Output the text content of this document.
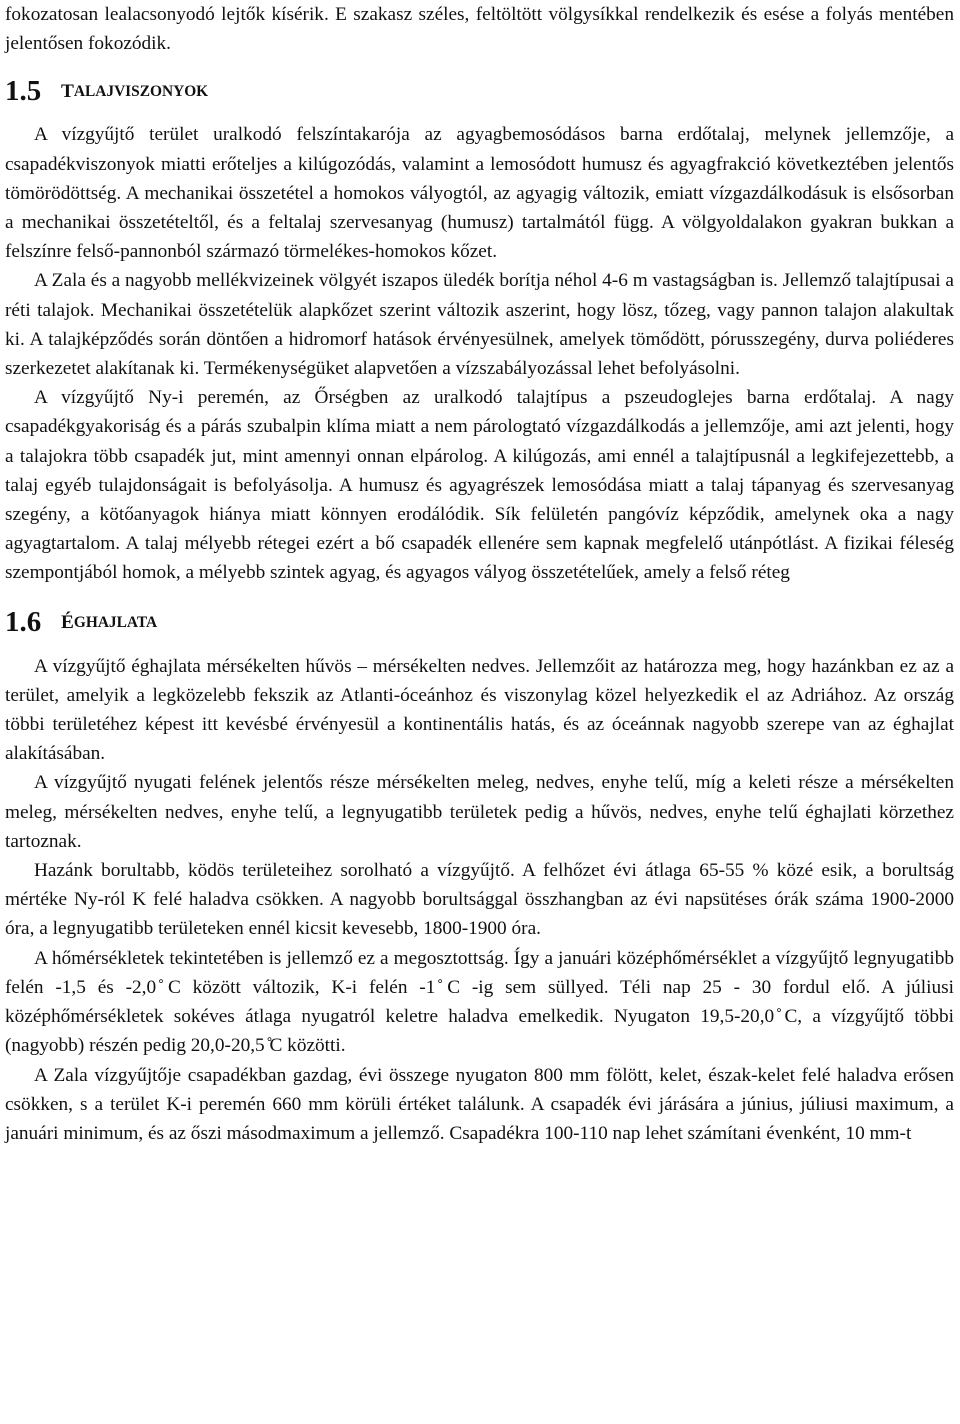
fokozatosan lealacsonyodó lejtők kísérik. E szakasz széles, feltöltött völgysíkkal rendelkezik és esése a folyás mentében jelentősen fokozódik.

1.5	T ALAJVISZONYOK

A vízgyűjtő terület uralkodó felszíntakarója az agyagbemosódásos barna erdőtalaj, melynek jellemzője, a csapadékviszonyok miatti erőteljes a kilúgozódás, valamint a lemosódott humusz és agyagfrakció következtében jelentős tömörödöttség. A mechanikai összetétel a homokos vályogtól, az agyagig változik, emiatt vízgazdálkodásuk is elsősorban a mechanikai összetételtől, és a feltalaj szervesanyag (humusz) tartalmától függ. A völgyoldalakon gyakran bukkan a felszínre felső-pannonból származó törmelékes-homokos kőzet.

A Zala és a nagyobb mellékvizeinek völgyét iszapos üledék borítja néhol 4-6 m vastagságban is. Jellemző talajtípusai a réti talajok. Mechanikai összetételük alapkőzet szerint változik aszerint, hogy lösz, tőzeg, vagy pannon talajon alakultak ki. A talajképződés során döntően a hidromorf hatások érvényesülnek, amelyek tömődött, pórusszegény, durva poliéderes szerkezetet alakítanak ki. Termékenységüket alapvetően a vízszabályozással lehet befolyásolni.

A vízgyűjtő Ny-i peremén, az Őrségben az uralkodó talajtípus a pszeudoglejes barna erdőtalaj. A nagy csapadékgyakoriság és a párás szubalpin klíma miatt a nem párologtató vízgazdálkodás a jellemzője, ami azt jelenti, hogy a talajokra több csapadék jut, mint amennyi onnan elpárolog. A kilúgozás, ami ennél a talajtípusnál a legkifejezettebb, a talaj egyéb tulajdonságait is befolyásolja. A humusz és agyagrészek lemosódása miatt a talaj tápanyag és szervesanyag szegény, a kötőanyagok hiánya miatt könnyen erodálódik. Sík felületén pangóvíz képződik, amelynek oka a nagy agyagtartalom. A talaj mélyebb rétegei ezért a bő csapadék ellenére sem kapnak megfelelő utánpótlást. A fizikai féleség szempontjából homok, a mélyebb szintek agyag, és agyagos vályog összetételűek, amely a felső réteg

1.6	É GHAJLATA

A vízgyűjtő éghajlata mérsékelten hűvös – mérsékelten nedves. Jellemzőit az határozza meg, hogy hazánkban ez az a terület, amelyik a legközelebb fekszik az Atlanti-óceánhoz és viszonylag közel helyezkedik el az Adriához. Az ország többi területéhez képest itt kevésbé érvényesül a kontinentális hatás, és az óceánnak nagyobb szerepe van az éghajlat alakításában.

A vízgyűjtő nyugati felének jelentős része mérsékelten meleg, nedves, enyhe telű, míg a keleti része a mérsékelten meleg, mérsékelten nedves, enyhe telű, a legnyugatibb területek pedig a hűvös, nedves, enyhe telű éghajlati körzethez tartoznak.

Hazánk borultabb, ködös területeihez sorolható a vízgyűjtő. A felhőzet évi átlaga 65-55 % közé esik, a borultság mértéke Ny-ról K felé haladva csökken. A nagyobb borultsággal összhangban az évi napsütéses órák száma 1900-2000 óra, a legnyugatibb területeken ennél kicsit kevesebb, 1800-1900 óra.

A hőmérsékletek tekintetében is jellemző ez a megosztottság. Így a januári középhőmérséklet a vízgyűjtő legnyugatibb felén -1,5 és -2,0 ̊C között változik, K-i felén -1 ̊C -ig sem süllyed. Téli nap 25 - 30 fordul elő. A júliusi középhőmérsékletek sokéves átlaga nyugatról keletre haladva emelkedik. Nyugaton 19,5-20,0 ̊C, a vízgyűjtő többi (nagyobb) részén pedig 20,0-20,5 ̊C közötti.

A Zala vízgyűjtője csapadékban gazdag, évi összege nyugaton 800 mm fölött, kelet, észak-kelet felé haladva erősen csökken, s a terület K-i peremén 660 mm körüli értéket találunk. A csapadék évi járására a június, júliusi maximum, a januári minimum, és az őszi másodmaximum a jellemző. Csapadékra 100-110 nap lehet számítani évenként, 10 mm-t
